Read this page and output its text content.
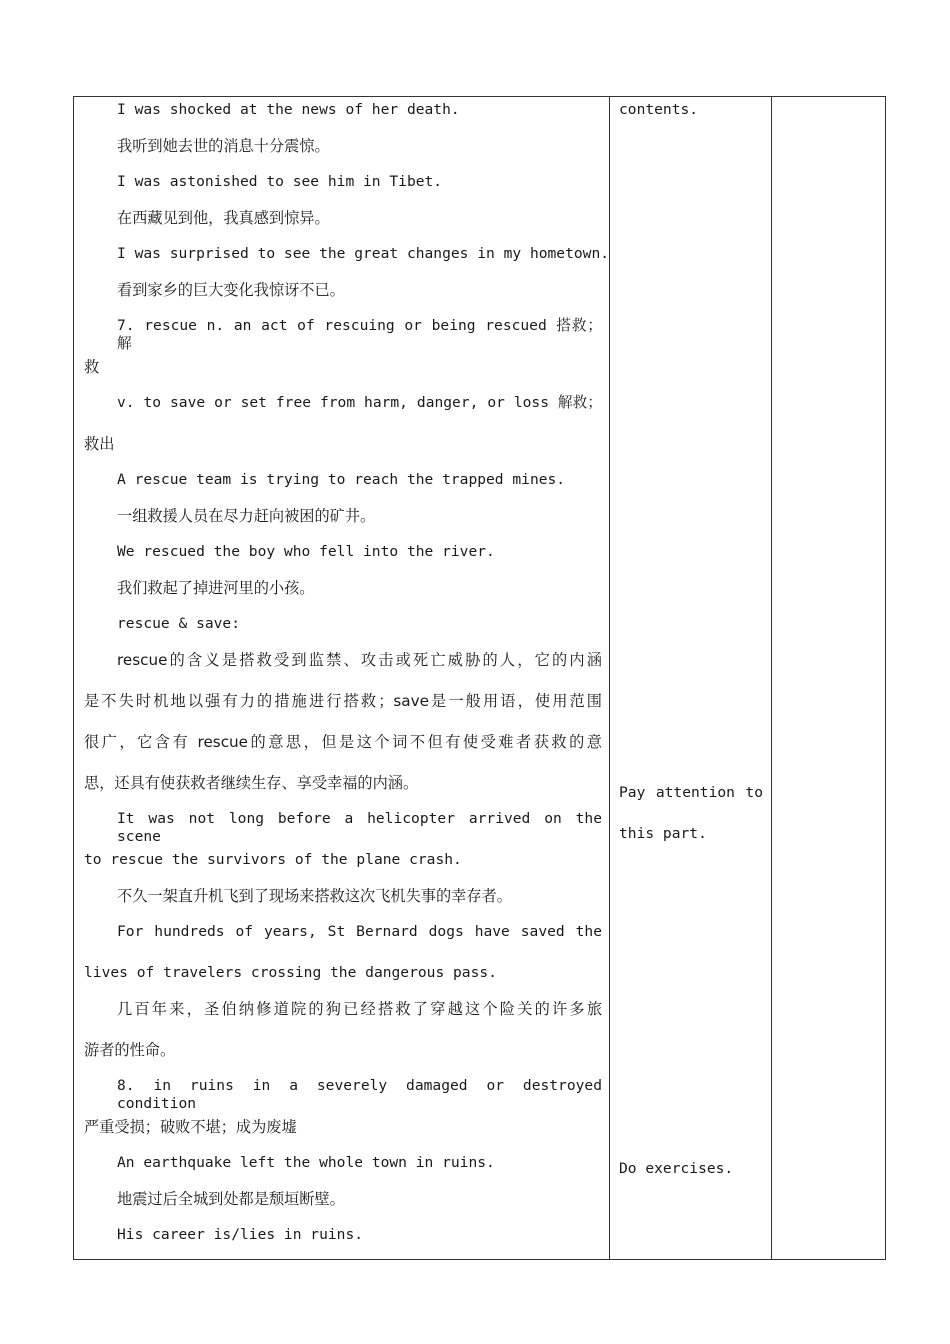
I was shocked at the news of her death.
我听到她去世的消息十分震惊。
I was astonished to see him in Tibet.
在西藏见到他，我真感到惊异。
I was surprised to see the great changes in my hometown.
看到家乡的巨大变化我惊讶不已。
7. rescue n. an act of rescuing or being rescued 搭救；解
救
v. to save or set free from harm, danger, or loss 解救；
救出
A rescue team is trying to reach the trapped mines.
一组救援人员在尽力赶向被困的矿井。
We rescued the boy who fell into the river.
我们救起了掉进河里的小孩。
rescue & save:
rescue的含义是搭救受到监禁、攻击或死亡威胁的人，它的内涵
是不失时机地以强有力的措施进行搭救；save是一般用语，使用范围
很广，它含有 rescue的意思，但是这个词不但有使受难者获救的意
思，还具有使获救者继续生存、享受幸福的内涵。
It was not long before a helicopter arrived on the scene
to rescue the survivors of the plane crash.
不久一架直升机飞到了现场来搭救这次飞机失事的幸存者。
For hundreds of years, St Bernard dogs have saved the
lives of travelers crossing the dangerous pass.
几百年来，圣伯纳修道院的狗已经搭救了穿越这个险关的许多旅
游者的性命。
8. in ruins in a severely damaged or destroyed condition
严重受损；破败不堪；成为废墟
An earthquake left the whole town in ruins.
地震过后全城到处都是颓垣断壁。
His career is/lies in ruins.
contents.
Pay attention to
this part.
Do exercises.
